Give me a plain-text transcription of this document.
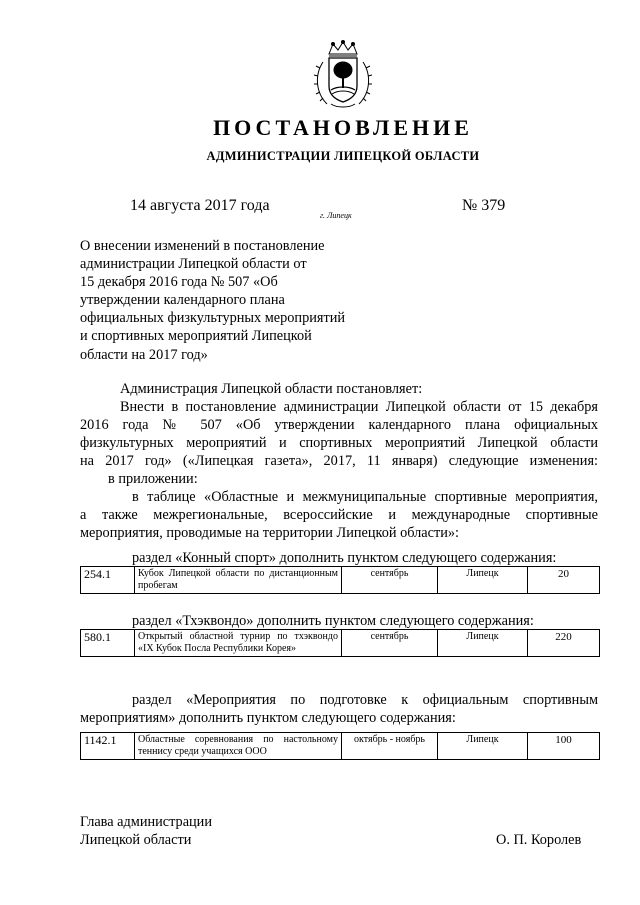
ПОСТАНОВЛЕНИЕ
АДМИНИСТРАЦИИ ЛИПЕЦКОЙ ОБЛАСТИ
14 августа 2017 года
г. Липецк
№ 379
О внесении изменений в постановление
администрации Липецкой области от
15 декабря 2016 года № 507 «Об
утверждении календарного плана
официальных физкультурных мероприятий
и спортивных мероприятий Липецкой
области на 2017 год»
Администрация Липецкой области постановляет:
Внести в постановление администрации Липецкой области от 15 декабря
2016 года № 507 «Об утверждении календарного плана официальных
физкультурных мероприятий и спортивных мероприятий Липецкой области
на 2017 год» («Липецкая газета», 2017, 11 января) следующие изменения:
в приложении:
в таблице «Областные и межмуниципальные спортивные мероприятия,
а также межрегиональные, всероссийские и международные спортивные
мероприятия, проводимые на территории Липецкой области»:
раздел «Конный спорт» дополнить пунктом следующего содержания:
254.1	Кубок Липецкой области по дистанционным пробегам	сентябрь	Липецк	20
раздел «Тхэквондо» дополнить пунктом следующего содержания:
580.1	Открытый областной турнир по тхэквондо «IX Кубок Посла Республики Корея»	сентябрь	Липецк	220
раздел «Мероприятия по подготовке к официальным спортивным
мероприятиям» дополнить пунктом следующего содержания:
1142.1	Областные соревнования по настольному теннису среди учащихся ООО	октябрь - ноябрь	Липецк	100
Глава администрации
Липецкой области	О. П. Королев
